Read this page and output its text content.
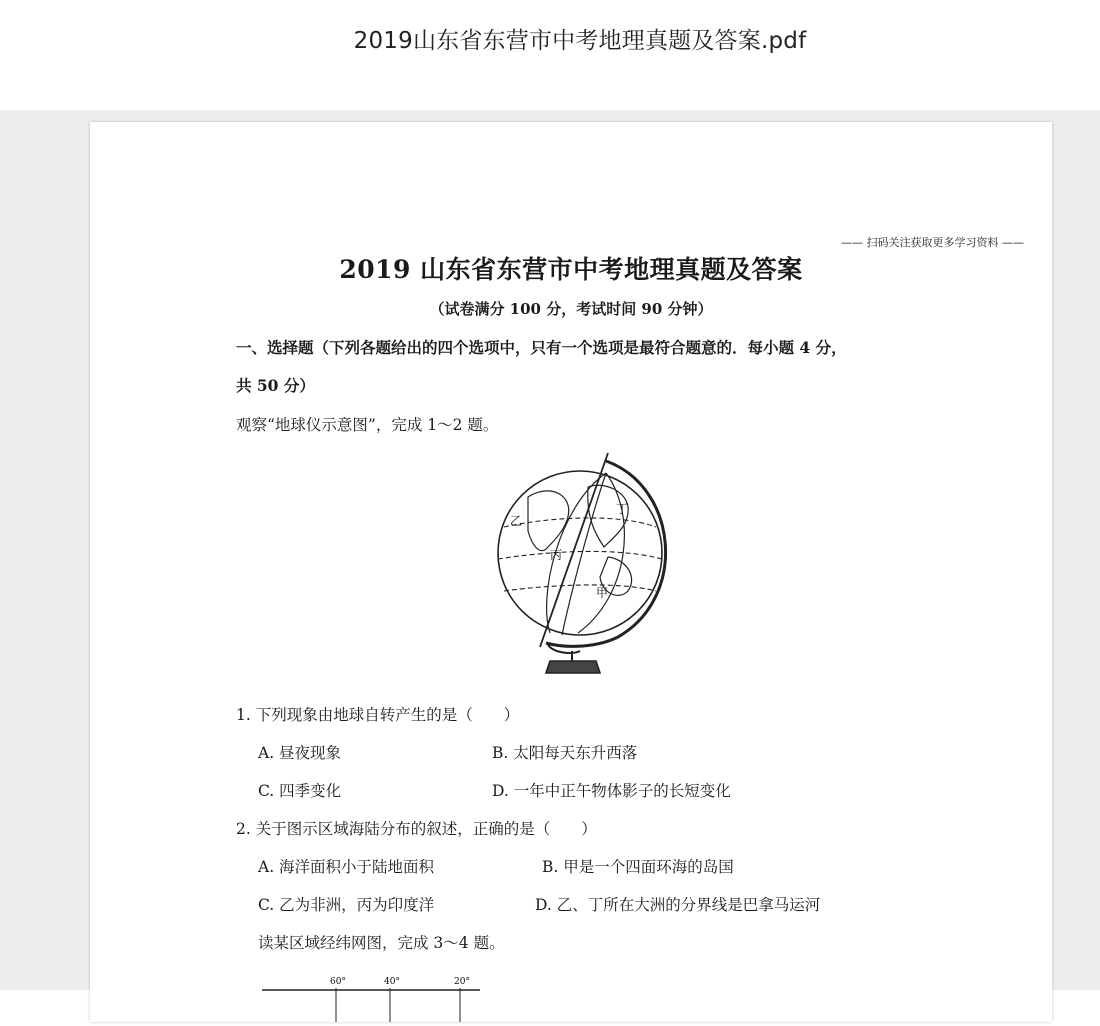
2019山东省东营市中考地理真题及答案.pdf
—— 扫码关注获取更多学习资料 ——
2019 山东省东营市中考地理真题及答案
（试卷满分 100 分，考试时间 90 分钟）
一、选择题（下列各题给出的四个选项中，只有一个选项是最符合题意的．每小题 4 分，
共 50 分）
观察“地球仪示意图”，完成 1～2 题。
乙
丙
丁
甲
1. 下列现象由地球自转产生的是（　　）
A. 昼夜现象	B. 太阳每天东升西落
C. 四季变化	D. 一年中正午物体影子的长短变化
2. 关于图示区域海陆分布的叙述，正确的是（　　）
A. 海洋面积小于陆地面积	B. 甲是一个四面环海的岛国
C. 乙为非洲，丙为印度洋	D. 乙、丁所在大洲的分界线是巴拿马运河
读某区域经纬网图，完成 3～4 题。
60°	40°	20°
